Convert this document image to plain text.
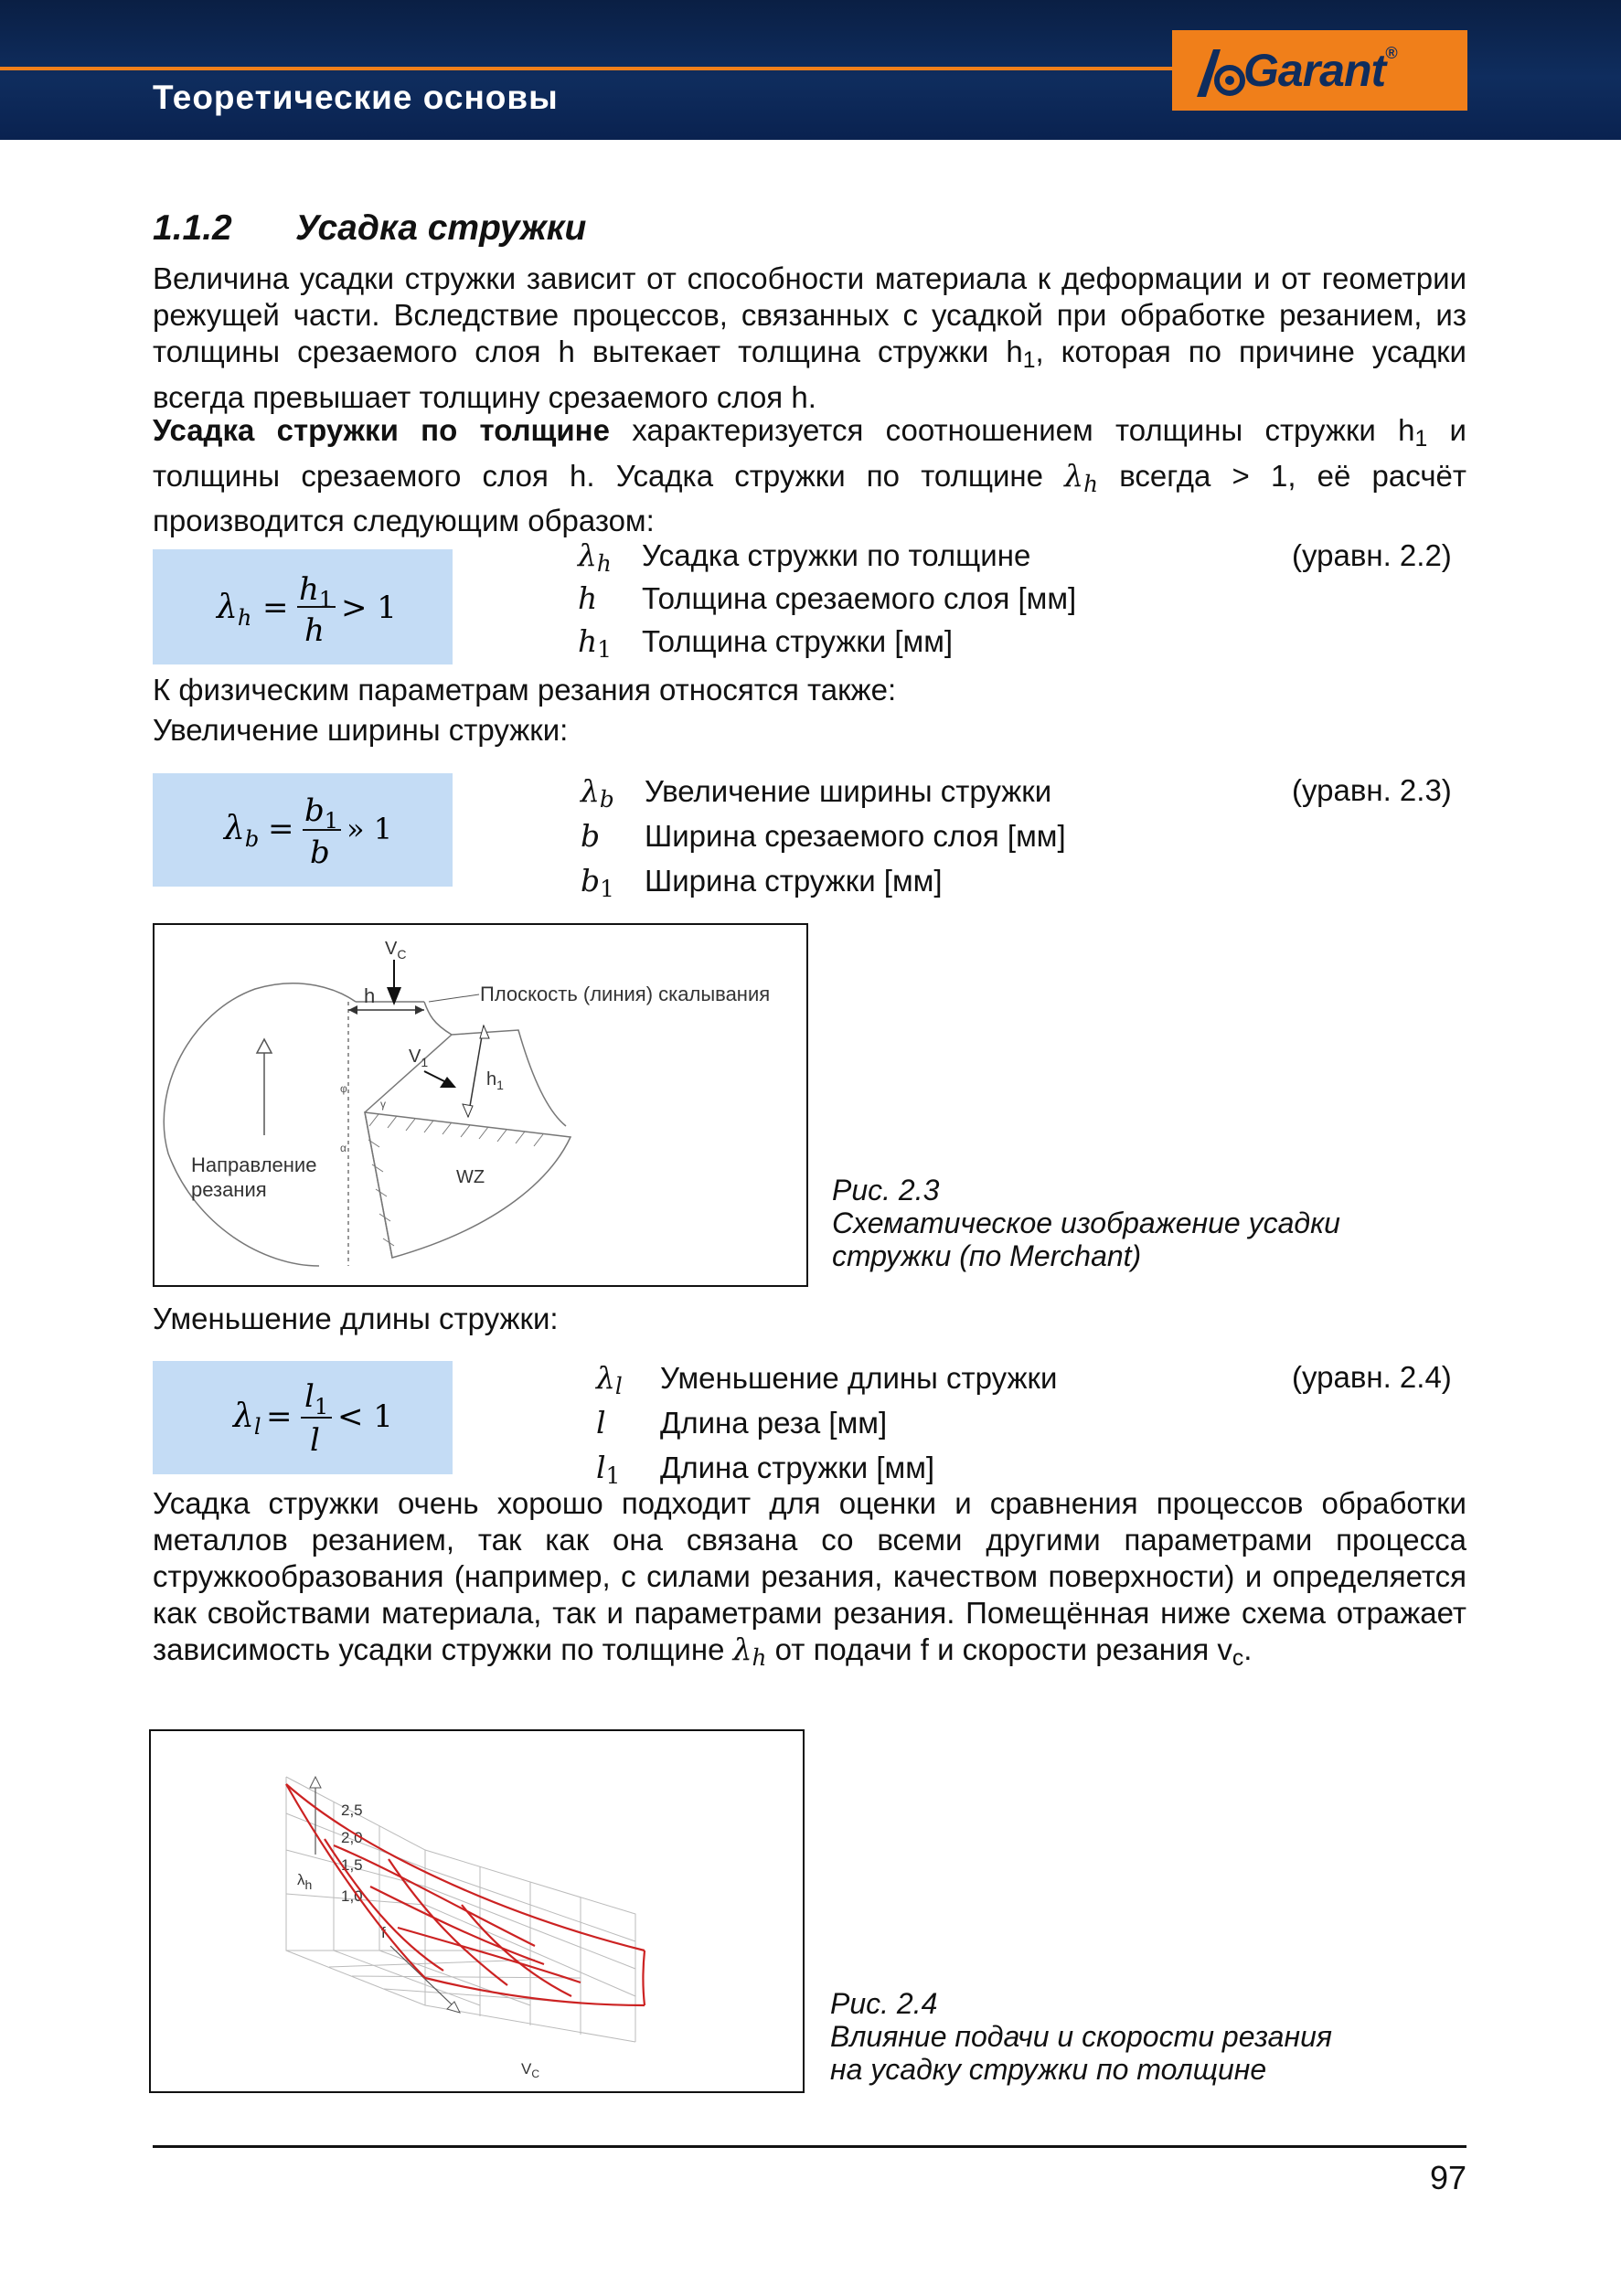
Теоретические основы
Garant®
1.1.2 Усадка стружки
Величина усадки стружки зависит от способности материала к деформации и от геометрии режущей части. Вследствие процессов, связанных с усадкой при обработке резанием, из толщины срезаемого слоя h вытекает толщина стружки $h_1$, которая по причине усадки всегда превышает толщину срезаемого слоя h.
Усадка стружки по толщине характеризуется соотношением толщины стружки $h_1$ и толщины срезаемого слоя h. Усадка стружки по толщине $\lambda_h$ всегда > 1, её расчёт производится следующим образом:
$\lambda_h = h_1$
h
> 1
$\lambda_h$ Усадка стружки по толщине
h Толщина срезаемого слоя [мм]
$h_1$ Толщина стружки [мм]
(уравн. 2.2)
К физическим параметрам резания относятся также:
Увеличение ширины стружки:
$\lambda_b = b_1$
b
» 1
$\lambda_b$ Увеличение ширины стружки
b Ширина срезаемого слоя [мм]
$b_1$ Ширина стружки [мм]
(уравн. 2.3)
$V_C$
h	Плоскость (линия) скалывания
$V_1$
$h_1$
φ
γ
α
Направление
резания
WZ	Рис. 2.3
Схематическое изображение усадки
стружки (по Merchant)
Уменьшение длины стружки:
$\lambda_l$ =
$l_1$
l
< 1
$\lambda_l$ Уменьшение длины стружки
l Длина реза [мм]
$l_1$ Длина стружки [мм]
(уравн. 2.4)
Усадка стружки очень хорошо подходит для оценки и сравнения процессов обработки металлов резанием, так как она связана со всеми другими параметрами процесса стружкообразования (например, с силами резания, качеством поверхности) и определяется как свойствами материала, так и параметрами резания. Помещённая ниже схема отражает зависимость усадки стружки по толщине $\lambda_h$ от подачи f и скорости резания $v_c$.
$\lambda_h$
2,5
2,0
1,5
1,0
f
$V_C$
Рис. 2.4
Влияние подачи и скорости резания
на усадку стружки по толщине
97
